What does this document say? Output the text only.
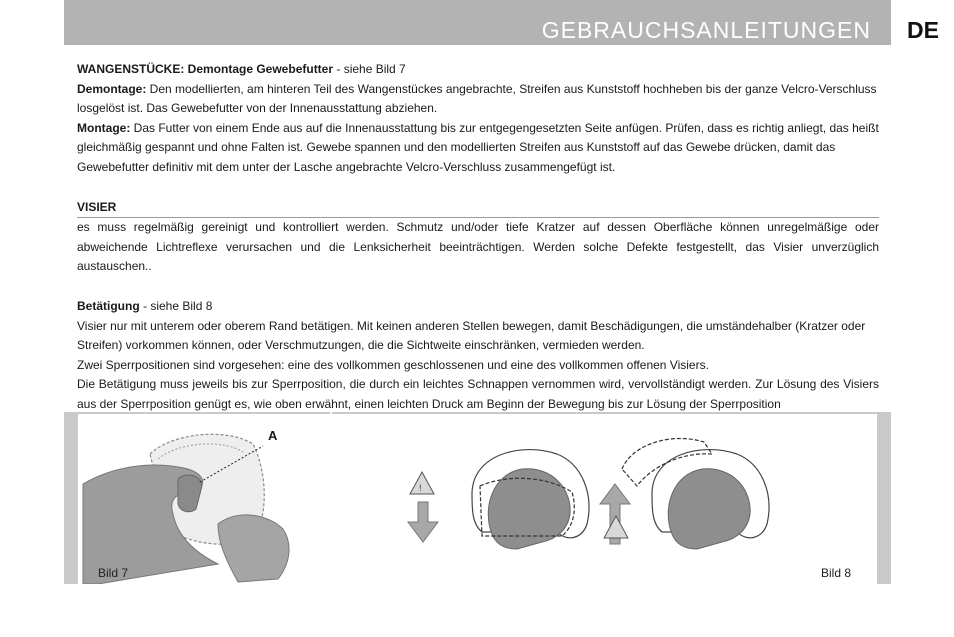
GEBRAUCHSANLEITUNGEN	DE

WANGENSTÜCKE: Demontage Gewebefutter - siehe Bild 7

Demontage: Den modellierten, am hinteren Teil des Wangenstückes angebrachte, Streifen aus Kunststoff hochheben bis der ganze Velcro-Verschluss losgelöst ist. Das Gewebefutter von der Innenausstattung abziehen.

Montage: Das Futter von einem Ende aus auf die Innenausstattung bis zur entgegengesetzten Seite anfügen. Prüfen, dass es richtig anliegt, das heißt gleichmäßig gespannt und ohne Falten ist. Gewebe spannen und den modellierten Streifen aus Kunststoff auf das Gewebe drücken, damit das Gewebefutter definitiv mit dem unter der Lasche angebrachte Velcro-Verschluss zusammengefügt ist.

VISIER

es muss regelmäßig gereinigt und kontrolliert werden. Schmutz und/oder tiefe Kratzer auf dessen Oberfläche können unregelmäßige oder abweichende Lichtreflexe verursachen und die Lenksicherheit beeinträchtigen. Werden solche Defekte festgestellt, das Visier unverzüglich austauschen..

Betätigung - siehe Bild 8

Visier nur mit unterem oder oberem Rand betätigen. Mit keinen anderen Stellen bewegen, damit Beschädigungen, die umständehalber (Kratzer oder Streifen) vorkommen können, oder Verschmutzungen, die die Sichtweite einschränken, vermieden werden.

Zwei Sperrpositionen sind vorgesehen: eine des vollkommen geschlossenen und eine des vollkommen offenen Visiers.

Die Betätigung muss jeweils bis zur Sperrposition, die durch ein leichtes Schnappen vernommen wird, vervollständigt werden. Zur Lösung des Visiers aus der Sperrposition genügt es, wie oben erwähnt, einen leichten Druck am Beginn der Bewegung bis zur Lösung der Sperrposition

A
Bild 7
!
Bild 8
